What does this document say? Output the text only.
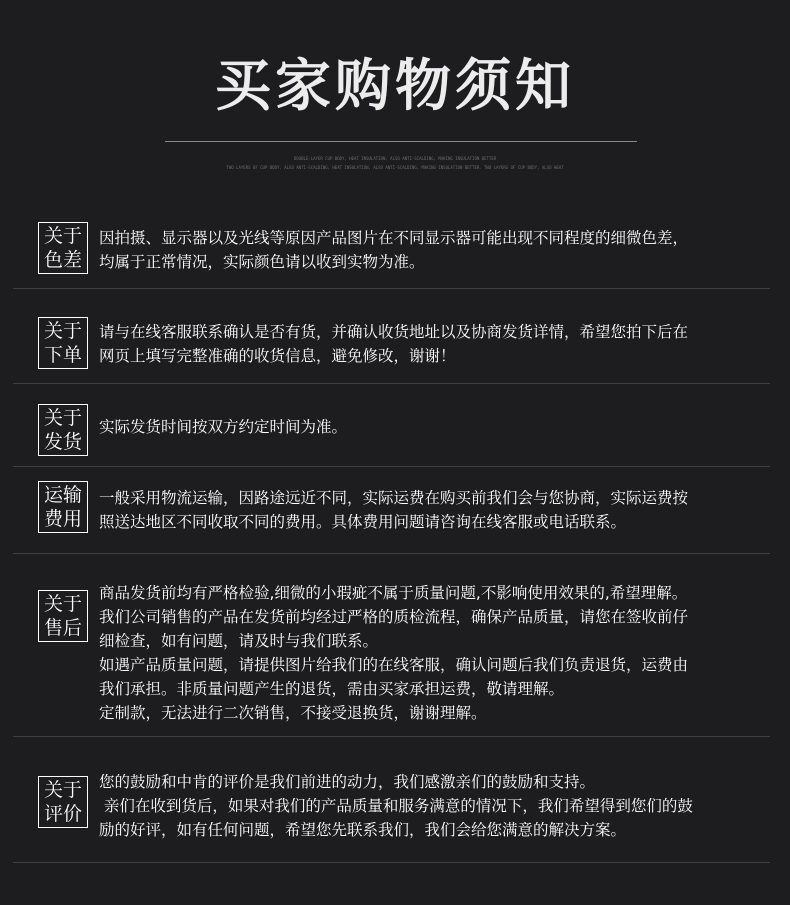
买家购物须知
DOUBLE-LAYER CUP BODY, HEAT INSULATION, ALSO ANTI-SCALDING, MAKING INSULATION BETTER
TWO LAYERS OF CUP BODY, ALSO ANTI-SCALDING, HEAT INSULATION, ALSO ANTI-SCALDING, MAKING INSULATION BETTER. TWO LAYERS OF CUP BODY, ALSO HEAT
关于
色差

因拍摄、显示器以及光线等原因产品图片在不同显示器可能出现不同程度的细微色差，

均属于正常情况，实际颜色请以收到实物为准。

关于
下单

请与在线客服联系确认是否有货，并确认收货地址以及协商发货详情，希望您拍下后在

网页上填写完整准确的收货信息，避免修改，谢谢！

关于
发货

实际发货时间按双方约定时间为准。

运输
费用

一般采用物流运输，因路途远近不同，实际运费在购买前我们会与您协商，实际运费按

照送达地区不同收取不同的费用。具体费用问题请咨询在线客服或电话联系。

关于
售后

商品发货前均有严格检验,细微的小瑕疵不属于质量问题,不影响使用效果的,希望理解。

我们公司销售的产品在发货前均经过严格的质检流程，确保产品质量，请您在签收前仔

细检查，如有问题，请及时与我们联系。

如遇产品质量问题，请提供图片给我们的在线客服，确认问题后我们负责退货，运费由

我们承担。非质量问题产生的退货，需由买家承担运费，敬请理解。

定制款，无法进行二次销售，不接受退换货，谢谢理解。

关于
评价

您的鼓励和中肯的评价是我们前进的动力，我们感激亲们的鼓励和支持。

亲们在收到货后，如果对我们的产品质量和服务满意的情况下，我们希望得到您们的鼓

励的好评，如有任何问题，希望您先联系我们，我们会给您满意的解决方案。
